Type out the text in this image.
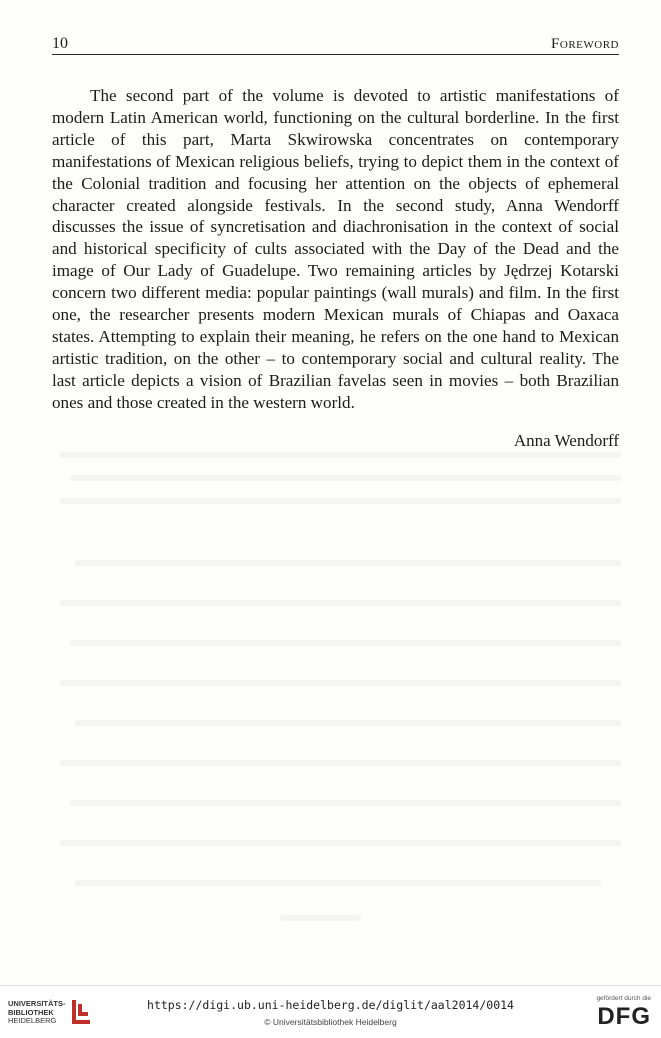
10	Foreword

The second part of the volume is devoted to artistic manifestations of modern Latin American world, functioning on the cultural borderline. In the first article of this part, Marta Skwirowska concentrates on contemporary manifestations of Mexican religious beliefs, trying to depict them in the context of the Colonial tradition and focusing her attention on the objects of ephemeral character created alongside festivals. In the second study, Anna Wendorff discusses the issue of syncretisation and diachronisation in the context of social and historical specificity of cults associated with the Day of the Dead and the image of Our Lady of Guadelupe. Two remaining articles by Jędrzej Kotarski concern two different media: popular paintings (wall murals) and film. In the first one, the researcher presents modern Mexican murals of Chiapas and Oaxaca states. Attempting to explain their meaning, he refers on the one hand to Mexican artistic tradition, on the other – to contemporary social and cultural reality. The last article depicts a vision of Brazilian favelas seen in movies – both Brazilian ones and those created in the western world.

Anna Wendorff
UNIVERSITÄTS-
BIBLIOTHEK
HEIDELBERG
https://digi.ub.uni-heidelberg.de/diglit/aal2014/0014
© Universitätsbibliothek Heidelberg
gefördert durch die
DFG
